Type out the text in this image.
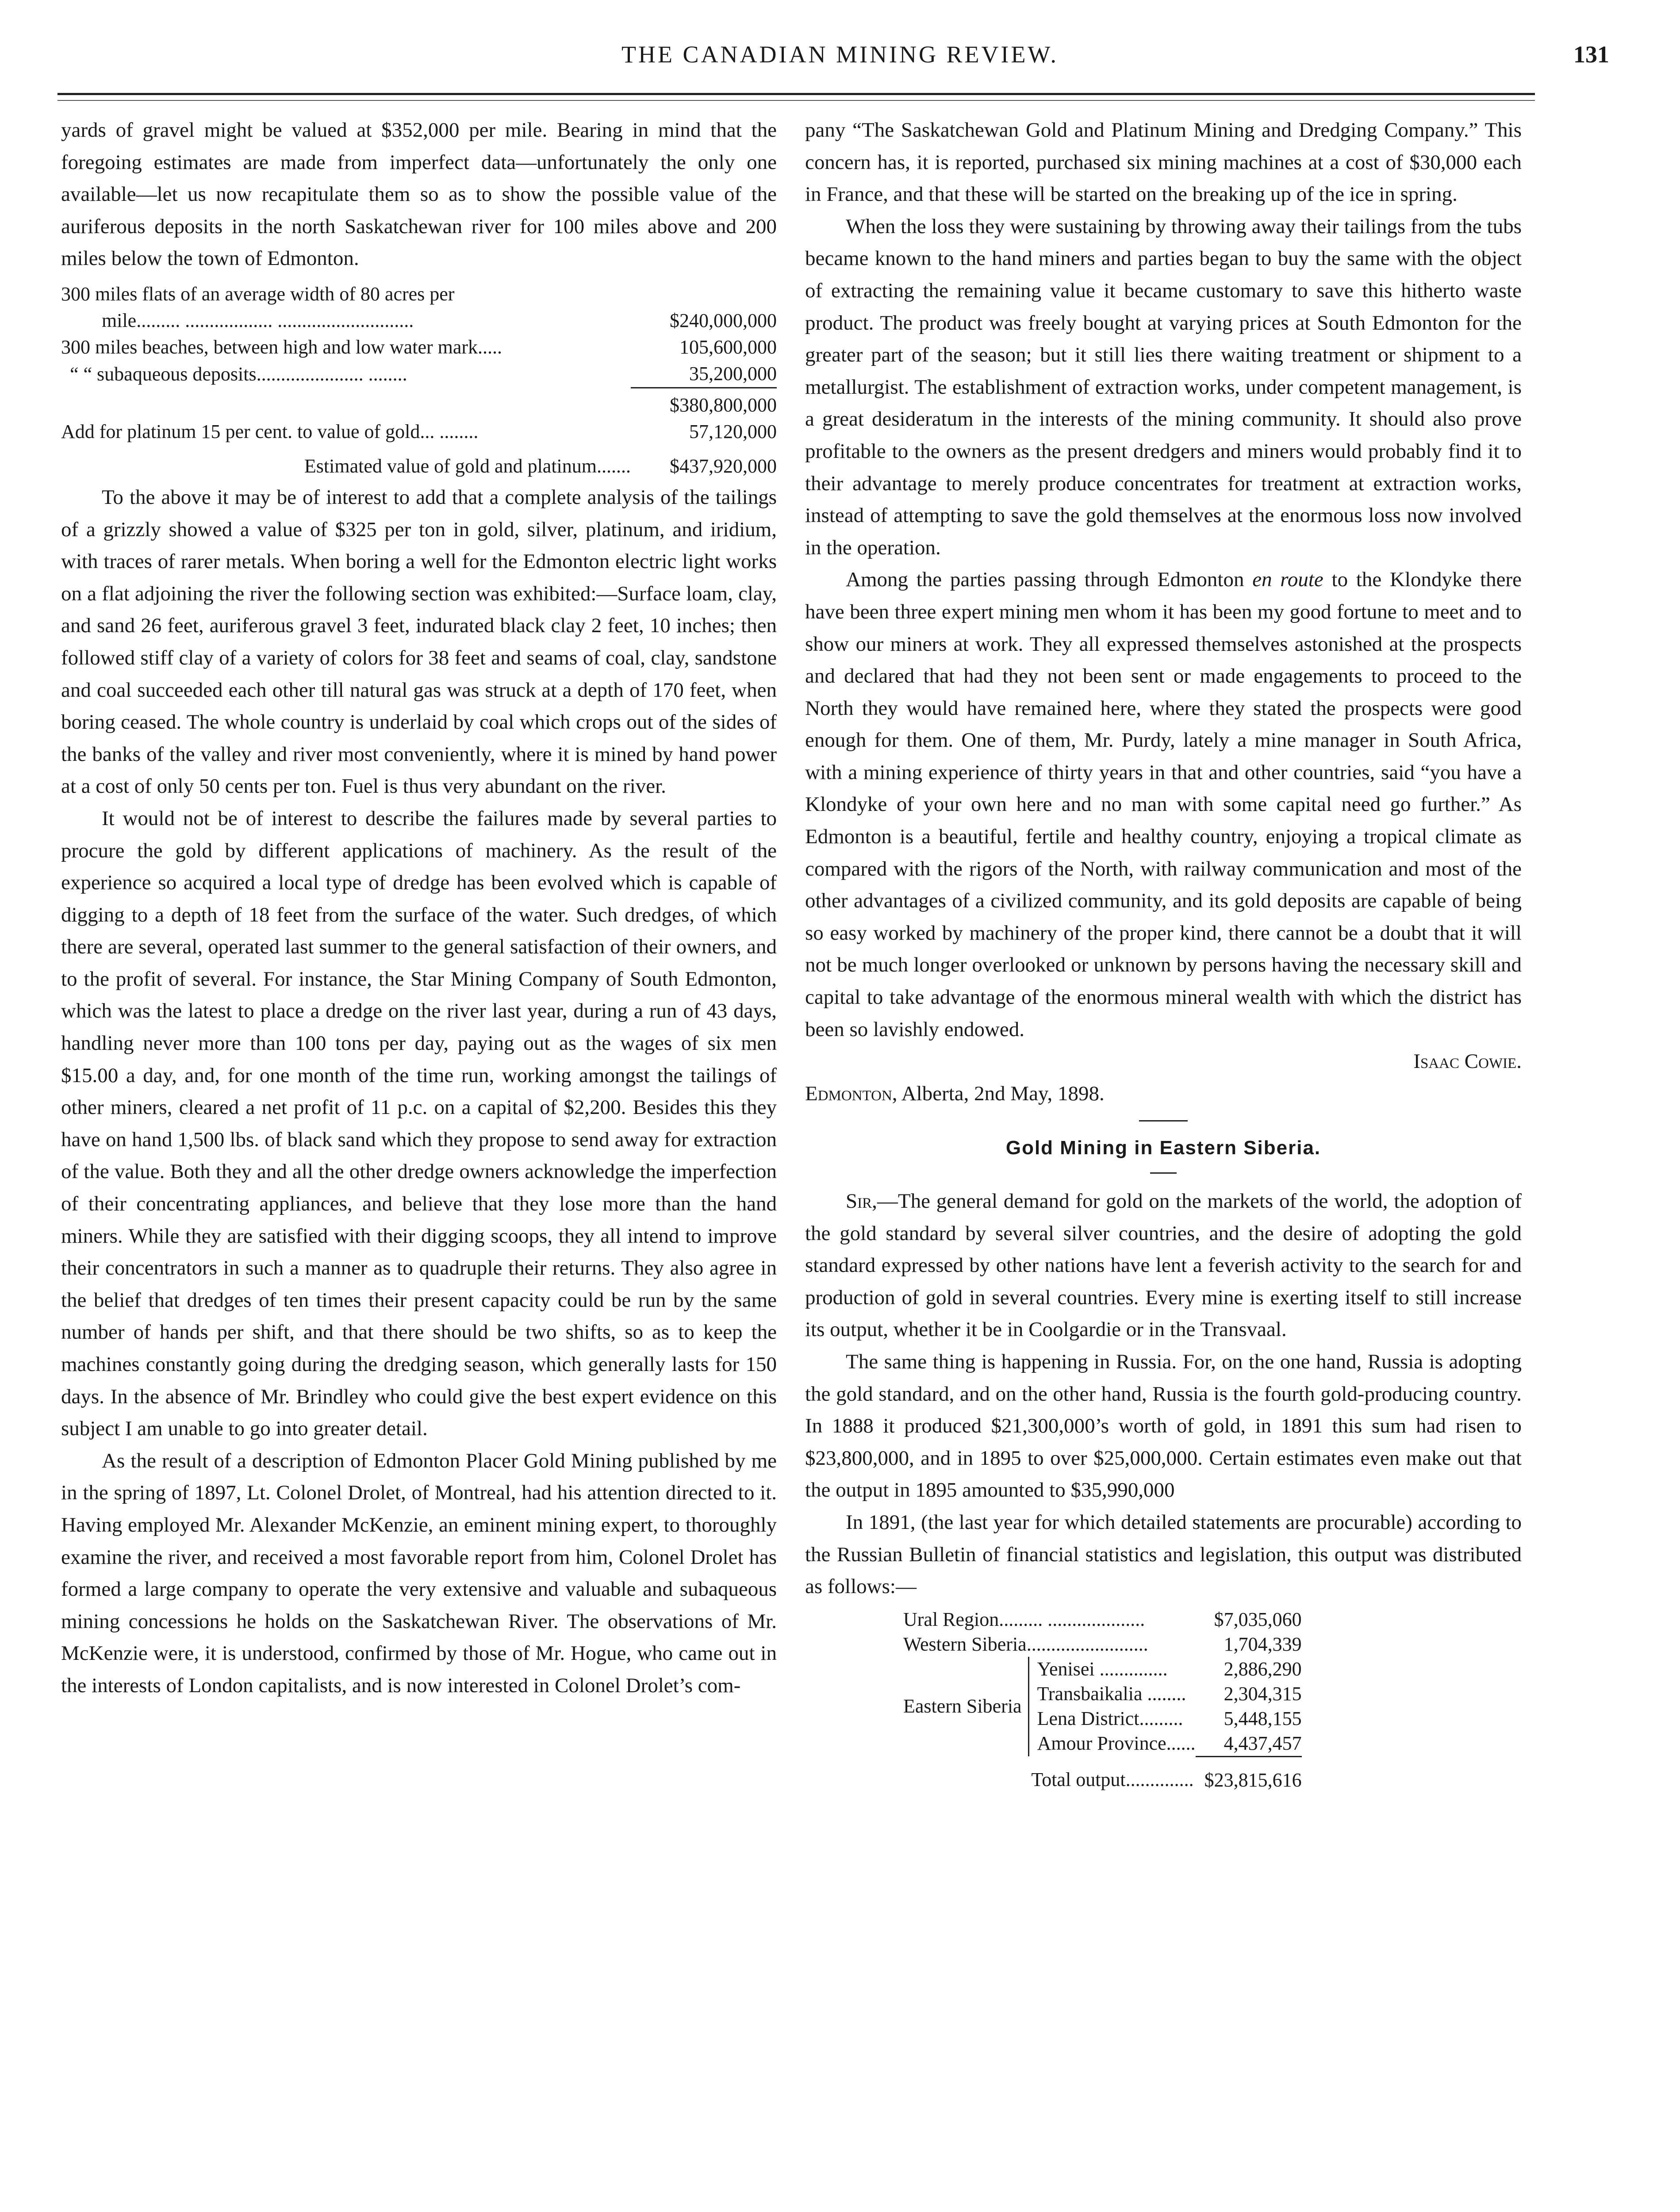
THE CANADIAN MINING REVIEW.	131

yards of gravel might be valued at $352,000 per mile. Bearing in mind that the foregoing estimates are made from imperfect data—unfortunately the only one available—let us now recapitulate them so as to show the possible value of the auriferous deposits in the north Saskatchewan river for 100 miles above and 200 miles below the town of Edmonton.

300 miles flats of an average width of 80 acres per	
mile......... .................. ............................	$240,000,000
300 miles beaches, between high and low water mark.....	105,600,000
“ “ subaqueous deposits...................... ........	35,200,000
	$380,800,000
Add for platinum 15 per cent. to value of gold... ........	57,120,000
Estimated value of gold and platinum.......	$437,920,000

To the above it may be of interest to add that a complete analysis of the tailings of a grizzly showed a value of $325 per ton in gold, silver, platinum, and iridium, with traces of rarer metals. When boring a well for the Edmonton electric light works on a flat adjoining the river the following section was exhibited:—Surface loam, clay, and sand 26 feet, auriferous gravel 3 feet, indurated black clay 2 feet, 10 inches; then followed stiff clay of a variety of colors for 38 feet and seams of coal, clay, sandstone and coal succeeded each other till natural gas was struck at a depth of 170 feet, when boring ceased. The whole country is underlaid by coal which crops out of the sides of the banks of the valley and river most conveniently, where it is mined by hand power at a cost of only 50 cents per ton. Fuel is thus very abundant on the river.

It would not be of interest to describe the failures made by several parties to procure the gold by different applications of machinery. As the result of the experience so acquired a local type of dredge has been evolved which is capable of digging to a depth of 18 feet from the surface of the water. Such dredges, of which there are several, operated last summer to the general satisfaction of their owners, and to the profit of several. For instance, the Star Mining Company of South Edmonton, which was the latest to place a dredge on the river last year, during a run of 43 days, handling never more than 100 tons per day, paying out as the wages of six men $15.00 a day, and, for one month of the time run, working amongst the tailings of other miners, cleared a net profit of 11 p.c. on a capital of $2,200. Besides this they have on hand 1,500 lbs. of black sand which they propose to send away for extraction of the value. Both they and all the other dredge owners acknowledge the imperfection of their concentrating appliances, and believe that they lose more than the hand miners. While they are satisfied with their digging scoops, they all intend to improve their concentrators in such a manner as to quadruple their returns. They also agree in the belief that dredges of ten times their present capacity could be run by the same number of hands per shift, and that there should be two shifts, so as to keep the machines constantly going during the dredging season, which generally lasts for 150 days. In the absence of Mr. Brindley who could give the best expert evidence on this subject I am unable to go into greater detail.

As the result of a description of Edmonton Placer Gold Mining published by me in the spring of 1897, Lt. Colonel Drolet, of Montreal, had his attention directed to it. Having employed Mr. Alexander McKenzie, an eminent mining expert, to thoroughly examine the river, and received a most favorable report from him, Colonel Drolet has formed a large company to operate the very extensive and valuable and subaqueous mining concessions he holds on the Saskatchewan River. The observations of Mr. McKenzie were, it is understood, confirmed by those of Mr. Hogue, who came out in the interests of London capitalists, and is now interested in Colonel Drolet’s com-

pany “The Saskatchewan Gold and Platinum Mining and Dredging Company.” This concern has, it is reported, purchased six mining machines at a cost of $30,000 each in France, and that these will be started on the breaking up of the ice in spring.

When the loss they were sustaining by throwing away their tailings from the tubs became known to the hand miners and parties began to buy the same with the object of extracting the remaining value it became customary to save this hitherto waste product. The product was freely bought at varying prices at South Edmonton for the greater part of the season; but it still lies there waiting treatment or shipment to a metallurgist. The establishment of extraction works, under competent management, is a great desideratum in the interests of the mining community. It should also prove profitable to the owners as the present dredgers and miners would probably find it to their advantage to merely produce concentrates for treatment at extraction works, instead of attempting to save the gold themselves at the enormous loss now involved in the operation.

Among the parties passing through Edmonton en route to the Klondyke there have been three expert mining men whom it has been my good fortune to meet and to show our miners at work. They all expressed themselves astonished at the prospects and declared that had they not been sent or made engagements to proceed to the North they would have remained here, where they stated the prospects were good enough for them. One of them, Mr. Purdy, lately a mine manager in South Africa, with a mining experience of thirty years in that and other countries, said “you have a Klondyke of your own here and no man with some capital need go further.” As Edmonton is a beautiful, fertile and healthy country, enjoying a tropical climate as compared with the rigors of the North, with railway communication and most of the other advantages of a civilized community, and its gold deposits are capable of being so easy worked by machinery of the proper kind, there cannot be a doubt that it will not be much longer overlooked or unknown by persons having the necessary skill and capital to take advantage of the enormous mineral wealth with which the district has been so lavishly endowed.

Isaac Cowie.

Edmonton, Alberta, 2nd May, 1898.

Gold Mining in Eastern Siberia.

Sir,—The general demand for gold on the markets of the world, the adoption of the gold standard by several silver countries, and the desire of adopting the gold standard expressed by other nations have lent a feverish activity to the search for and production of gold in several countries. Every mine is exerting itself to still increase its output, whether it be in Coolgardie or in the Transvaal.

The same thing is happening in Russia. For, on the one hand, Russia is adopting the gold standard, and on the other hand, Russia is the fourth gold-producing country. In 1888 it produced $21,300,000’s worth of gold, in 1891 this sum had risen to $23,800,000, and in 1895 to over $25,000,000. Certain estimates even make out that the output in 1895 amounted to $35,990,000

In 1891, (the last year for which detailed statements are procurable) according to the Russian Bulletin of financial statistics and legislation, this output was distributed as follows:—

Ural Region......... ....................		$7,035,060
Western Siberia.........................		1,704,339
Eastern Siberia	Yenisei ..............	2,886,290
	Transbaikalia ........	2,304,315
	Lena District.........	5,448,155
	Amour Province......	4,437,457
Total output..............		$23,815,616
